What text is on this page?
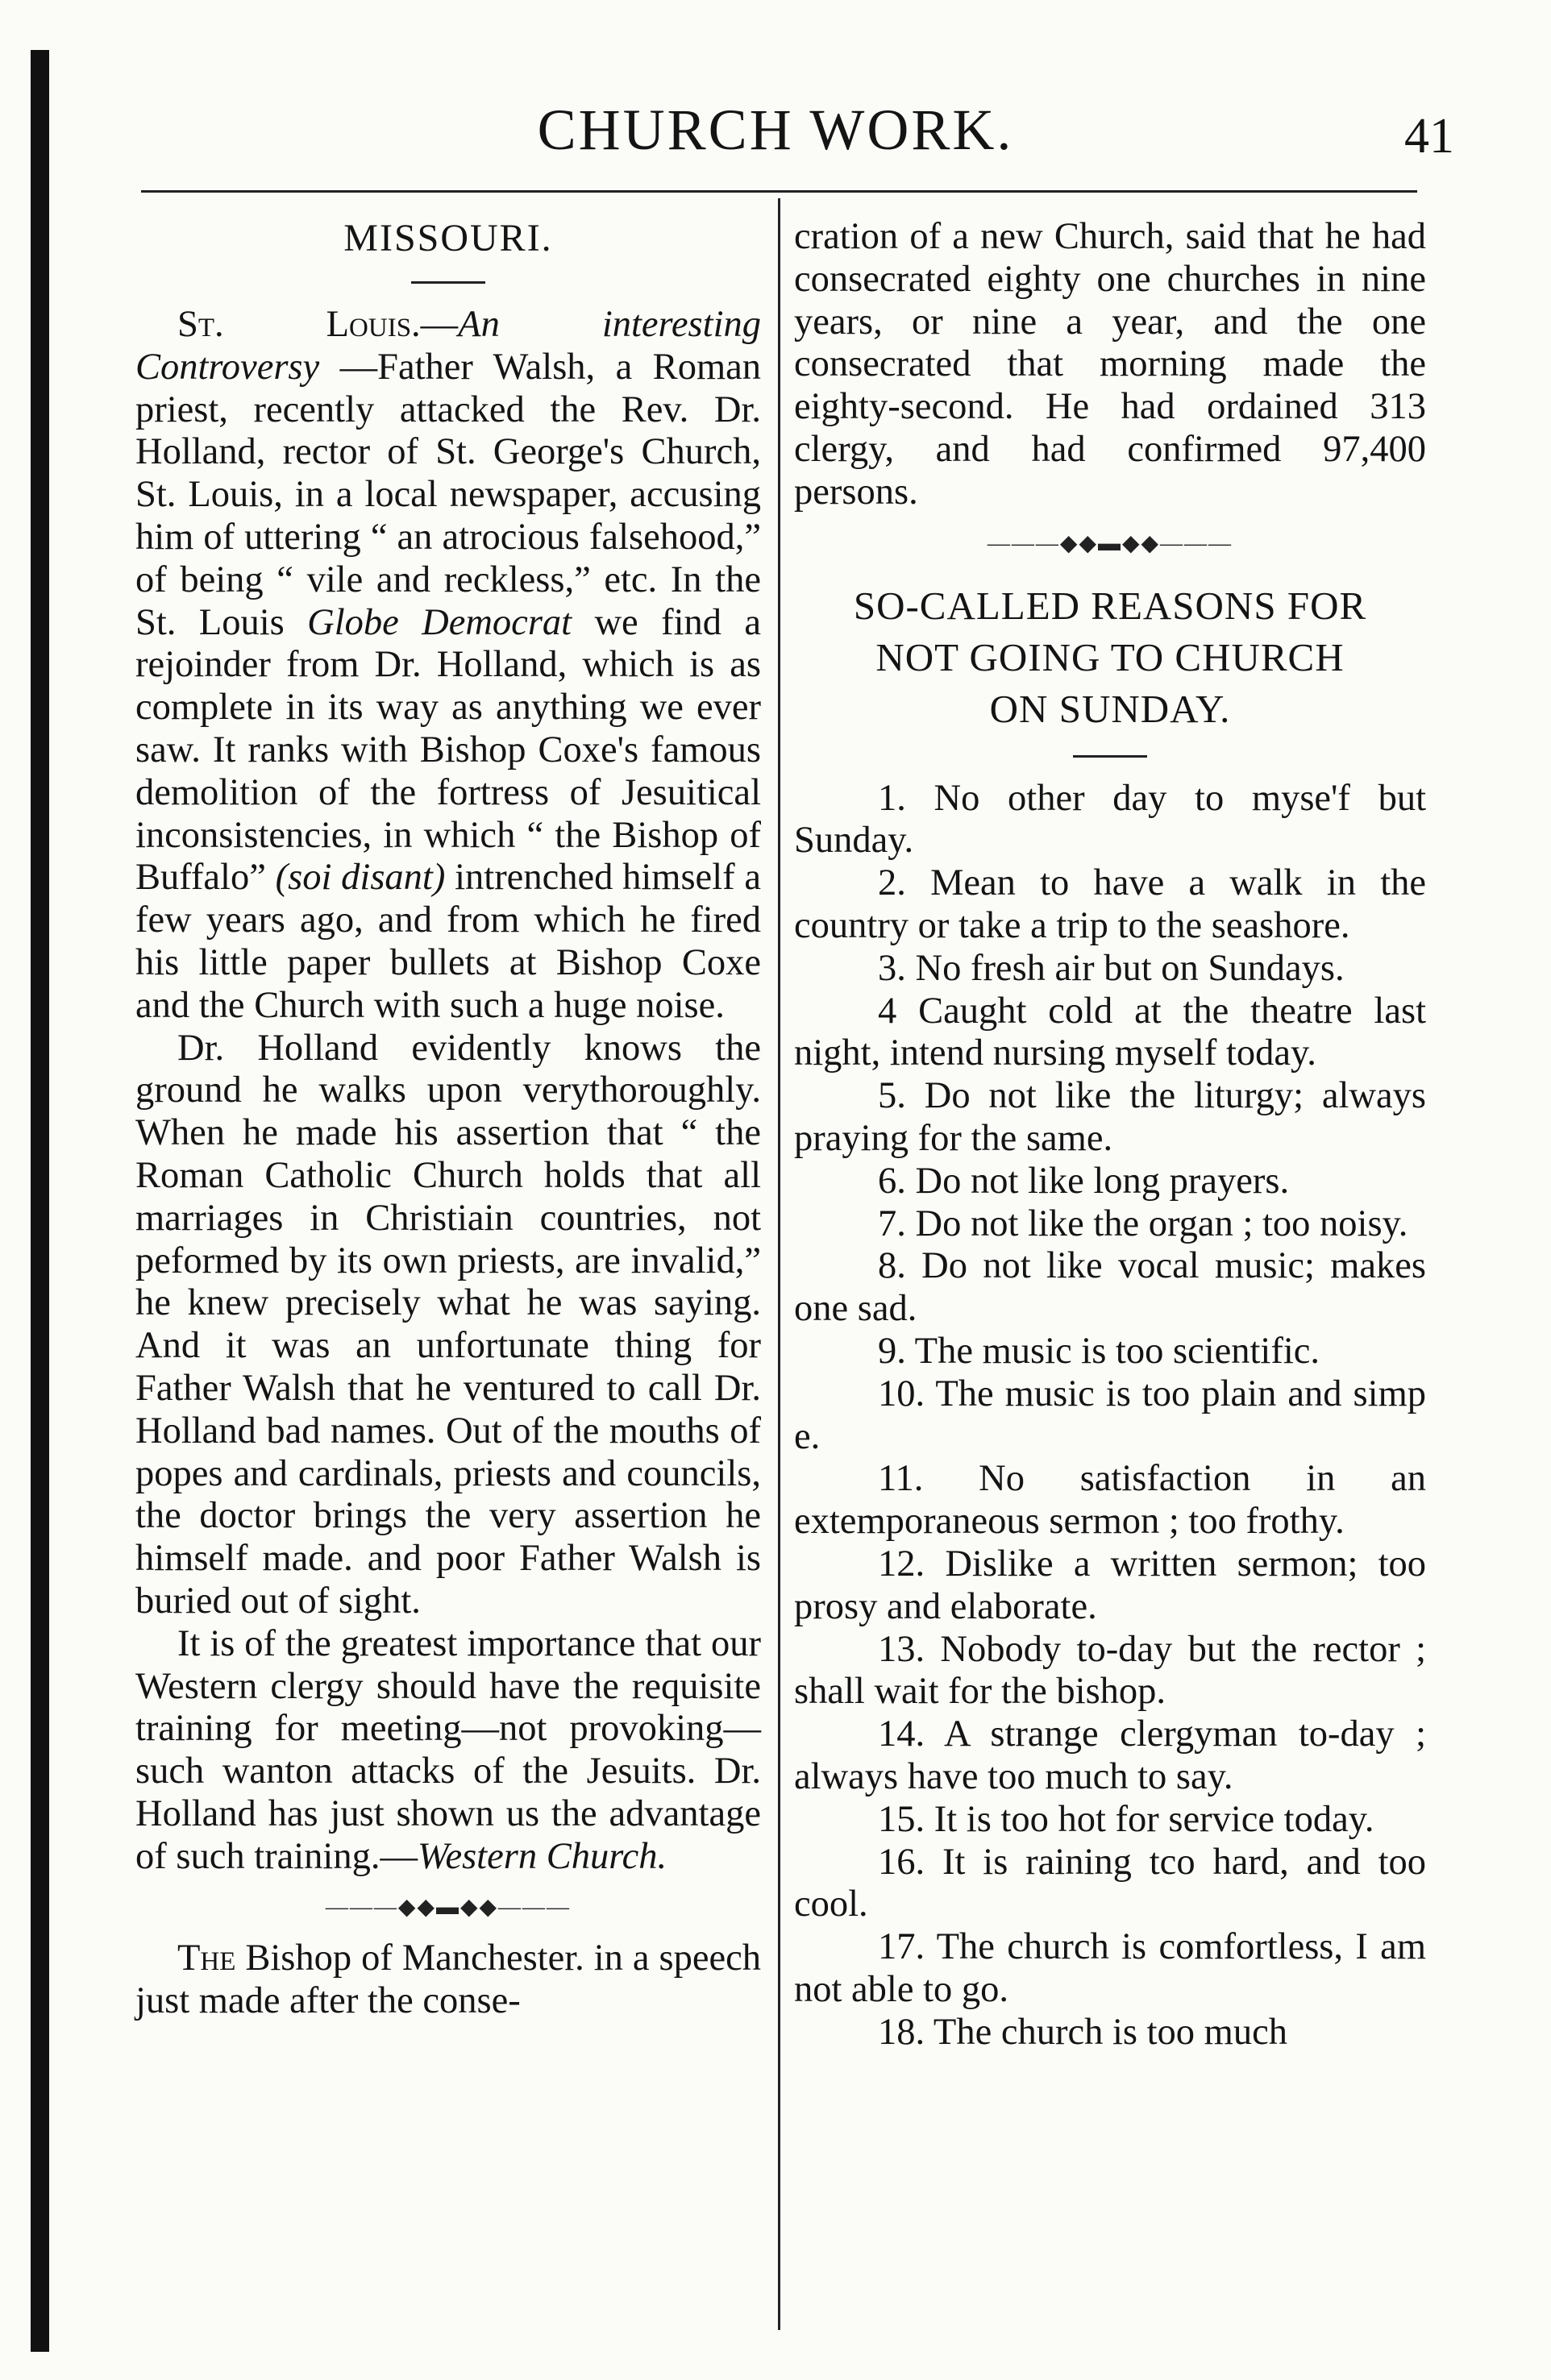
CHURCH WORK.	41

MISSOURI.

St. Louis.—An interesting Controversy —Father Walsh, a Roman priest, recently attacked the Rev. Dr. Holland, rector of St. George's Church, St. Louis, in a local newspaper, accusing him of uttering “ an atrocious falsehood,” of being “ vile and reckless,” etc. In the St. Louis Globe Democrat we find a rejoinder from Dr. Holland, which is as complete in its way as anything we ever saw. It ranks with Bishop Coxe's famous demolition of the fortress of Jesuitical inconsistencies, in which “ the Bishop of Buffalo” (soi disant) intrenched himself a few years ago, and from which he fired his little paper bullets at Bishop Coxe and the Church with such a huge noise.

Dr. Holland evidently knows the ground he walks upon verythoroughly. When he made his assertion that “ the Roman Catholic Church holds that all marriages in Christiain countries, not peformed by its own priests, are invalid,” he knew precisely what he was saying. And it was an unfortunate thing for Father Walsh that he ventured to call Dr. Holland bad names. Out of the mouths of popes and cardinals, priests and councils, the doctor brings the very assertion he himself made. and poor Father Walsh is buried out of sight.

It is of the greatest importance that our Western clergy should have the requisite training for meeting—not provoking—such wanton attacks of the Jesuits. Dr. Holland has just shown us the advantage of such training.—Western Church.

———◆◆▬◆◆———

The Bishop of Manchester. in a speech just made after the conse-

cration of a new Church, said that he had consecrated eighty one churches in nine years, or nine a year, and the one consecrated that morning made the eighty-second. He had ordained 313 clergy, and had confirmed 97,400 persons.

———◆◆▬◆◆———
SO-CALLED REASONS FOR
NOT GOING TO CHURCH
ON SUNDAY.

1. No other day to myse'f but Sunday.

2. Mean to have a walk in the country or take a trip to the seashore.

3. No fresh air but on Sundays.

4 Caught cold at the theatre last night, intend nursing myself today.

5. Do not like the liturgy; always praying for the same.

6. Do not like long prayers.

7. Do not like the organ ; too noisy.

8. Do not like vocal music; makes one sad.

9. The music is too scientific.

10. The music is too plain and simp e.

11. No satisfaction in an extemporaneous sermon ; too frothy.

12. Dislike a written sermon; too prosy and elaborate.

13. Nobody to-day but the rector ; shall wait for the bishop.

14. A strange clergyman to-day ; always have too much to say.

15. It is too hot for service today.

16. It is raining tco hard, and too cool.

17. The church is comfortless, I am not able to go.

18. The church is too much
